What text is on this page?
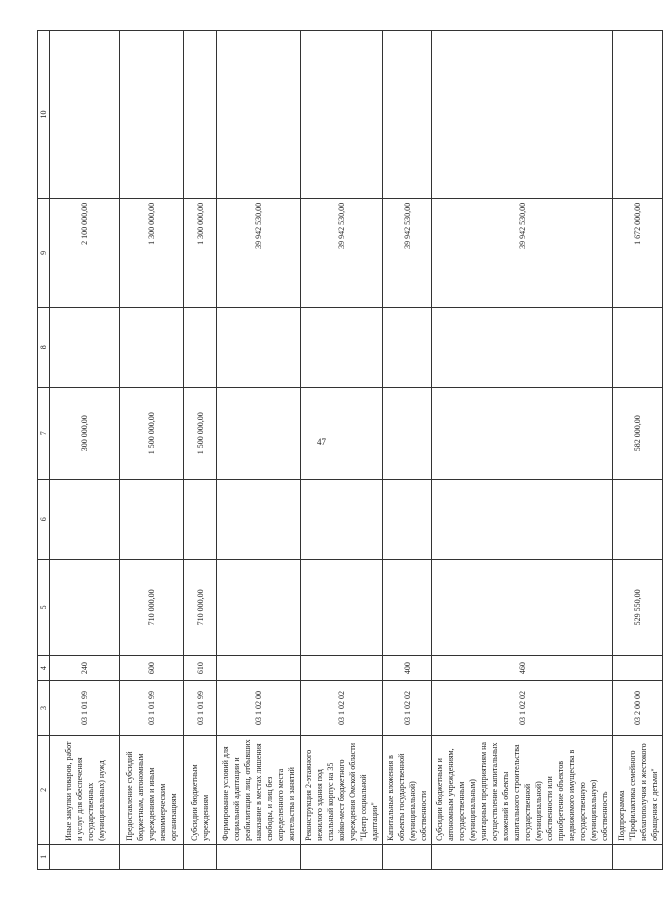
47
1	2	3	4	5	6	7	8	9	10
	Иные закупки товаров, работ и услуг для обеспечения государственных (муниципальных) нужд	03 1 01 99	240			300 000,00		2 100 000,00	
	Предоставление субсидий бюджетным, автономным учреждениям и иным некоммерческим организациям	03 1 01 99	600	710 000,00		1 500 000,00		1 300 000,00	
	Субсидии бюджетным учреждениям	03 1 01 99	610	710 000,00		1 500 000,00		1 300 000,00	
	Формирование условий для социальной адаптации и реабилитации лиц, отбывших наказание в местах лишения свободы, и лиц без определенного места жительства и занятий	03 1 02 00						39 942 530,00	
	Реконструкция 2-этажного нежилого здания под спальный корпус на 35 койко-мест бюджетного учреждения Омской области "Центр социальной адаптации"	03 1 02 02						39 942 530,00	
	Капитальные вложения в объекты государственной (муниципальной) собственности	03 1 02 02	400					39 942 530,00	
	Субсидии бюджетным и автономным учреждениям, государственным (муниципальным) унитарным предприятиям на осуществление капитальных вложений в объекты капитального строительства государственной (муниципальной) собственности или приобретение объектов недвижимого имущества в государственную (муниципальную) собственность	03 1 02 02	460					39 942 530,00	
	Подпрограмма "Профилактика семейного неблагополучия и жестокого обращения с детьми"	03 2 00 00		529 550,00		582 000,00		1 672 000,00	
